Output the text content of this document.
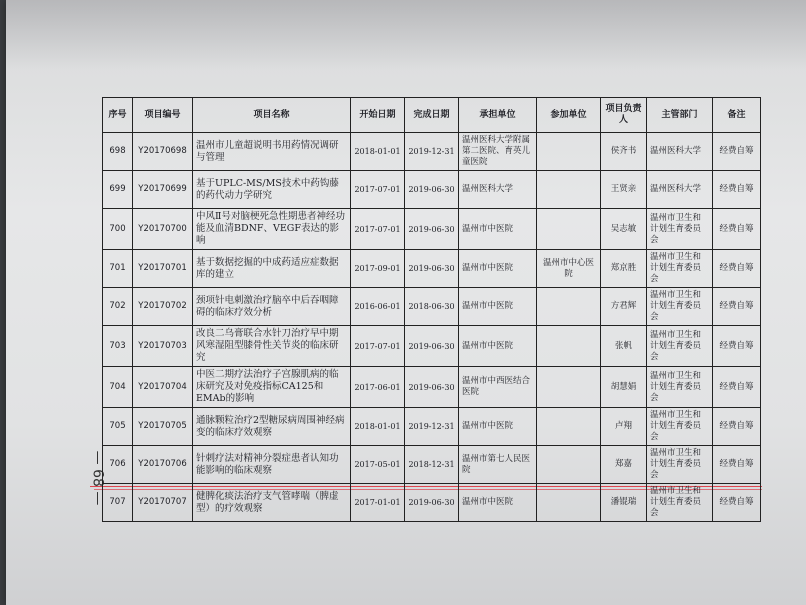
— 68 —
序号	项目编号	项目名称	开始日期	完成日期	承担单位	参加单位	项目负责人	主管部门	备注
698	Y20170698	温州市儿童超说明书用药情况调研与管理	2018-01-01	2019-12-31	温州医科大学附属第二医院、育英儿童医院		侯齐书	温州医科大学	经费自筹
699	Y20170699	基于UPLC-MS/MS技术中药钩藤的药代动力学研究	2017-07-01	2019-06-30	温州医科大学		王贤亲	温州医科大学	经费自筹
700	Y20170700	中风Ⅱ号对脑梗死急性期患者神经功能及血清BDNF、VEGF表达的影响	2017-07-01	2019-06-30	温州市中医院		吴志敏	温州市卫生和计划生育委员会	经费自筹
701	Y20170701	基于数据挖掘的中成药适应症数据库的建立	2017-09-01	2019-06-30	温州市中医院	温州市中心医院	郑京胜	温州市卫生和计划生育委员会	经费自筹
702	Y20170702	颈项针电刺激治疗脑卒中后吞咽障碍的临床疗效分析	2016-06-01	2018-06-30	温州市中医院		方君辉	温州市卫生和计划生育委员会	经费自筹
703	Y20170703	改良二乌膏联合水针刀治疗早中期风寒湿阻型膝骨性关节炎的临床研究	2017-07-01	2019-06-30	温州市中医院		张帆	温州市卫生和计划生育委员会	经费自筹
704	Y20170704	中医二期疗法治疗子宫腺肌病的临床研究及对免疫指标CA125和EMAb的影响	2017-06-01	2019-06-30	温州市中西医结合医院		胡慧娟	温州市卫生和计划生育委员会	经费自筹
705	Y20170705	通脉颗粒治疗2型糖尿病周围神经病变的临床疗效观察	2018-01-01	2019-12-31	温州市中医院		卢翔	温州市卫生和计划生育委员会	经费自筹
706	Y20170706	针刺疗法对精神分裂症患者认知功能影响的临床观察	2017-05-01	2018-12-31	温州市第七人民医院		郑嘉	温州市卫生和计划生育委员会	经费自筹
707	Y20170707	健脾化痰法治疗支气管哮喘（脾虚型）的疗效观察	2017-01-01	2019-06-30	温州市中医院		潘锟瑞	温州市卫生和计划生育委员会	经费自筹
